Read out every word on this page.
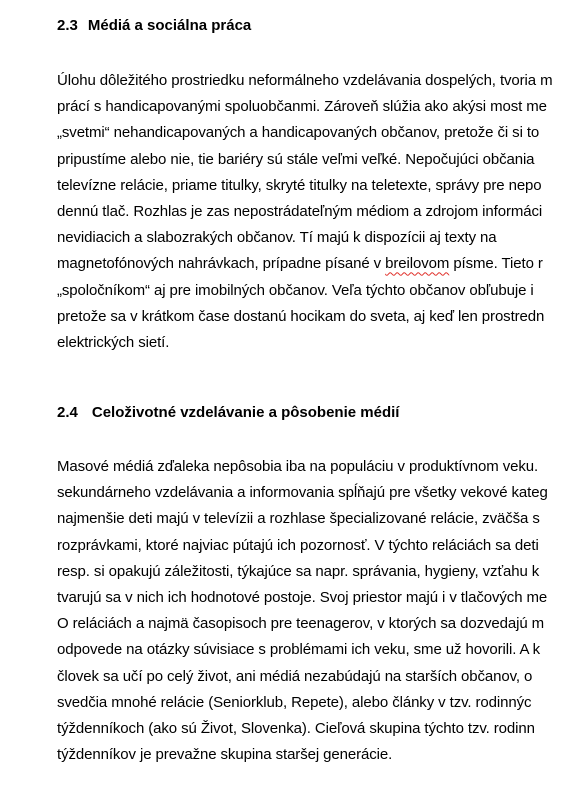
2.3 Médiá a sociálna práca
Úlohu dôležitého prostriedku neformálneho vzdelávania dospelých, tvoria m
prácí s handicapovanými spoluobčanmi. Zároveň slúžia ako akýsi most me
„svetmi“ nehandicapovaných a handicapovaných občanov, pretože či si to
pripustíme alebo nie, tie bariéry sú stále veľmi veľké. Nepočujúci občania
televízne relácie, priame titulky, skryté titulky na teletexte, správy pre nepo
dennú tlač. Rozhlas je zas nepostrádateľným médiom a zdrojom informáci
nevidiacich a slabozrakých občanov. Tí majú k dispozícii aj texty na
magnetofónových nahrávkach, prípadne písané v breilovom písme. Tieto r
„spoločníkom“ aj pre imobilných občanov. Veľa týchto občanov obľubuje i
pretože sa v krátkom čase dostanú hocikam do sveta, aj keď len prostredn
elektrických sietí.
2.4 Celoživotné vzdelávanie a pôsobenie médií
Masové médiá zďaleka nepôsobia iba na populáciu v produktívnom veku.
sekundárneho vzdelávania a informovania spĺňajú pre všetky vekové kateg
najmenšie deti majú v televízii a rozhlase špecializované relácie, zväčša s
rozprávkami, ktoré najviac pútajú ich pozornosť. V týchto reláciách sa deti
resp. si opakujú záležitosti, týkajúce sa napr. správania, hygieny, vzťahu k
tvarujú sa v nich ich hodnotové postoje. Svoj priestor majú i v tlačových me
O reláciách a najmä časopisoch pre teenagerov, v ktorých sa dozvedajú m
odpovede na otázky súvisiace s problémami ich veku, sme už hovorili. A k
človek sa učí po celý život, ani médiá nezabúdajú na starších občanov, o
svedčia mnohé relácie (Seniorklub, Repete), alebo články v tzv. rodinnýc
týždenníkoch (ako sú Život, Slovenka). Cieľová skupina týchto tzv. rodinn
týždenníkov je prevažne skupina staršej generácie.
